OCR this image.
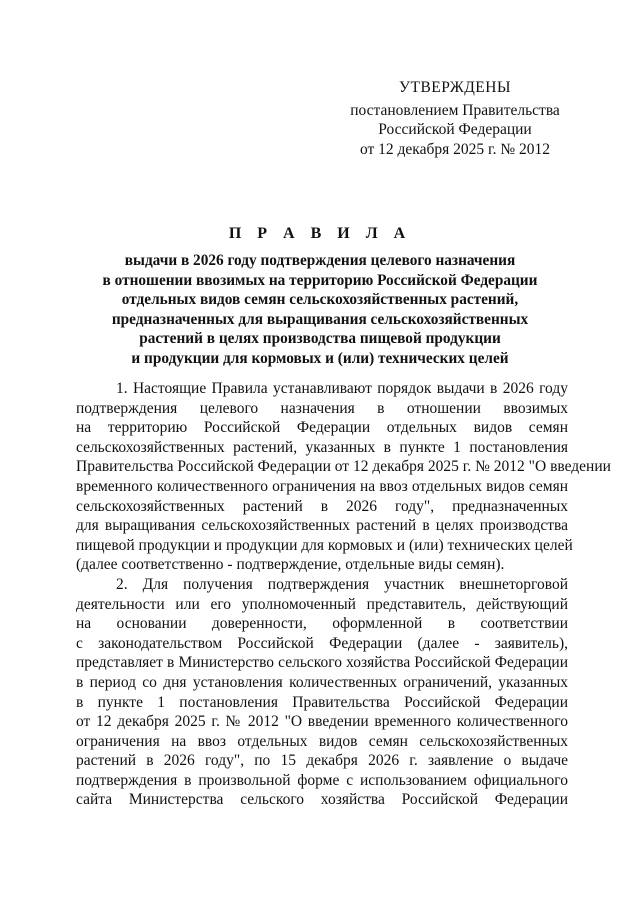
УТВЕРЖДЕНЫ
постановлением Правительства
Российской Федерации
от 12 декабря 2025 г. № 2012
П Р А В И Л А
выдачи в 2026 году подтверждения целевого назначения
в отношении ввозимых на территорию Российской Федерации
отдельных видов семян сельскохозяйственных растений,
предназначенных для выращивания сельскохозяйственных
растений в целях производства пищевой продукции
и продукции для кормовых и (или) технических целей
1. Настоящие Правила устанавливают порядок выдачи в 2026 году
подтверждения целевого назначения в отношении ввозимых
на территорию Российской Федерации отдельных видов семян
сельскохозяйственных растений, указанных в пункте 1 постановления
Правительства Российской Федерации от 12 декабря 2025 г. № 2012 "О введении
временного количественного ограничения на ввоз отдельных видов семян
сельскохозяйственных растений в 2026 году", предназначенных
для выращивания сельскохозяйственных растений в целях производства
пищевой продукции и продукции для кормовых и (или) технических целей
(далее соответственно - подтверждение, отдельные виды семян).
2. Для получения подтверждения участник внешнеторговой
деятельности или его уполномоченный представитель, действующий
на основании доверенности, оформленной в соответствии
с законодательством Российской Федерации (далее - заявитель),
представляет в Министерство сельского хозяйства Российской Федерации
в период со дня установления количественных ограничений, указанных
в пункте 1 постановления Правительства Российской Федерации
от 12 декабря 2025 г. № 2012 "О введении временного количественного
ограничения на ввоз отдельных видов семян сельскохозяйственных
растений в 2026 году", по 15 декабря 2026 г. заявление о выдаче
подтверждения в произвольной форме с использованием официального
сайта Министерства сельского хозяйства Российской Федерации
